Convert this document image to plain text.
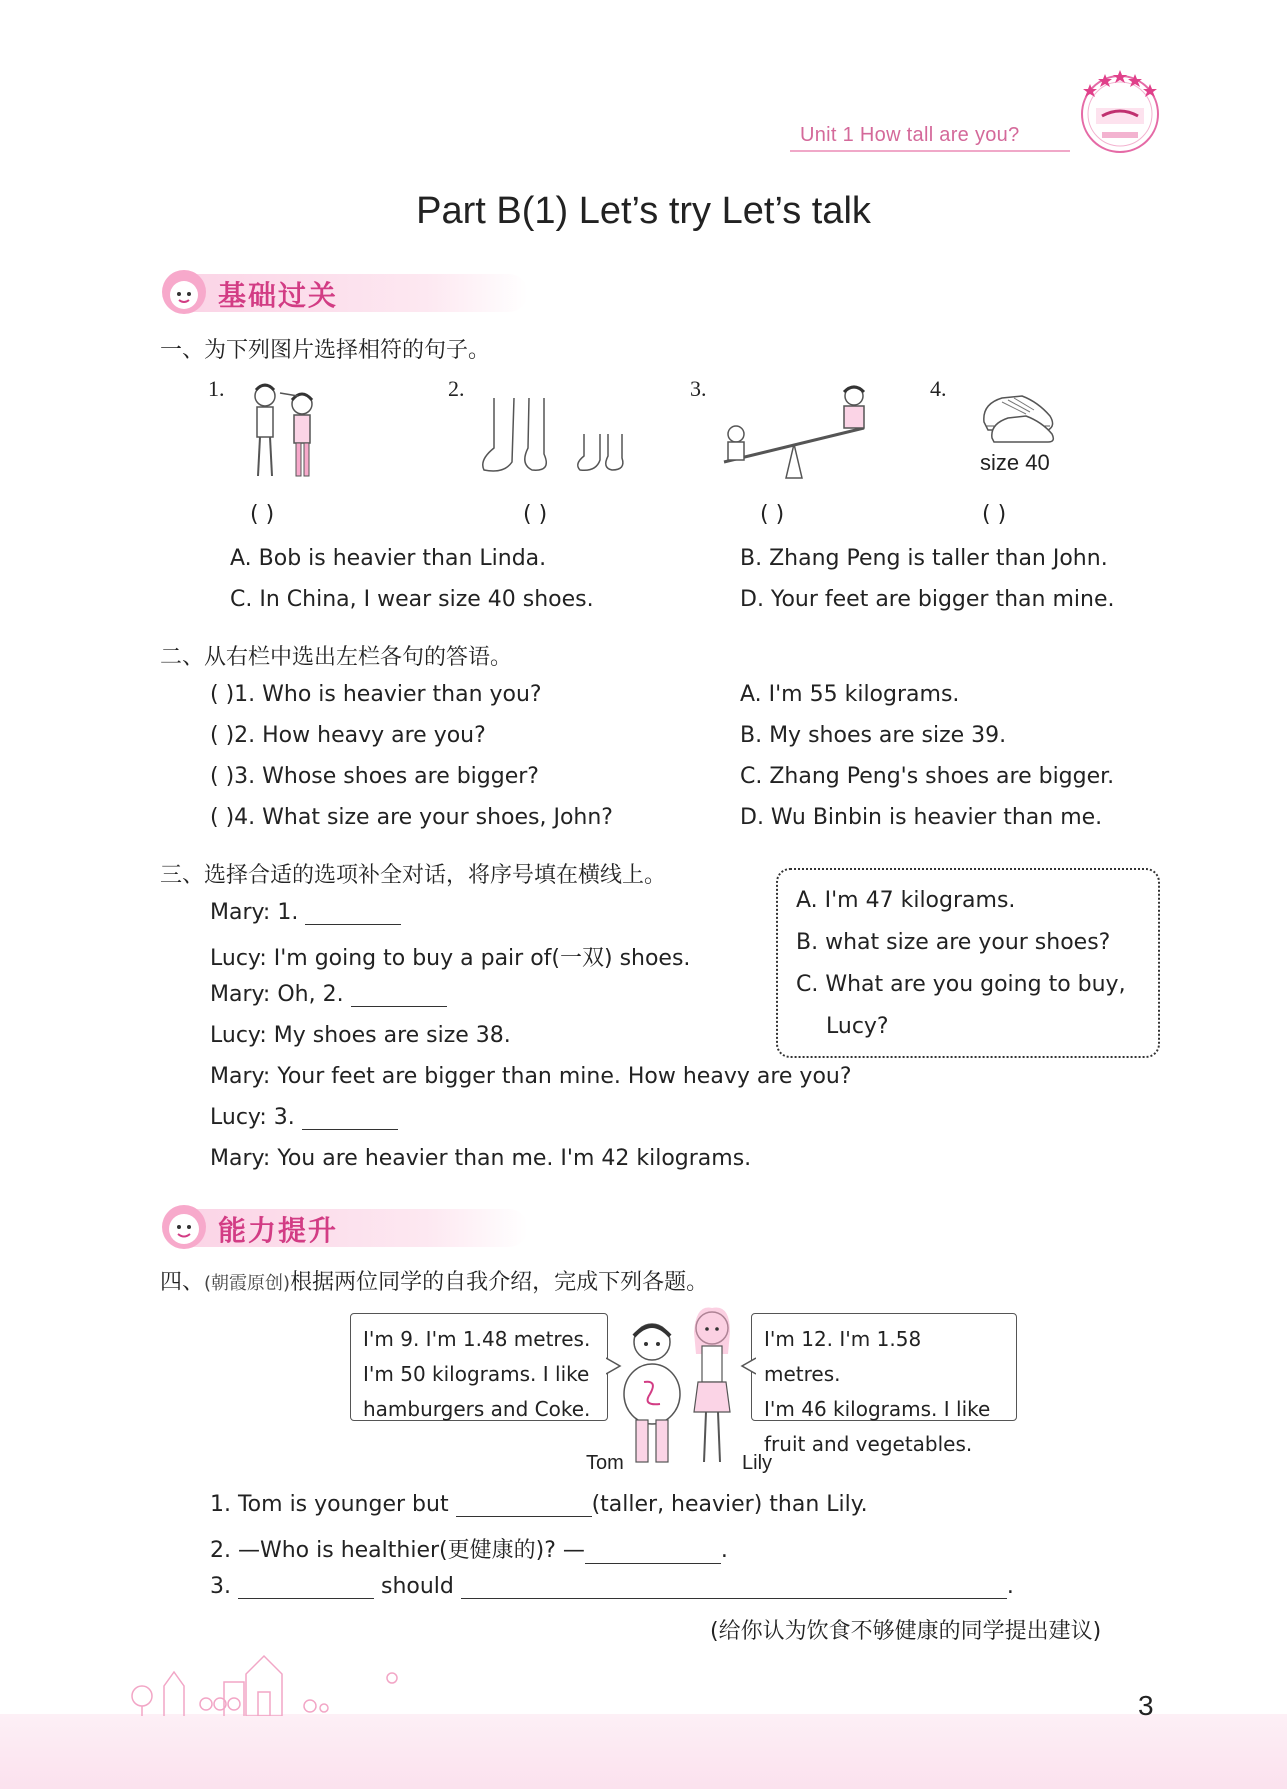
Unit 1 How tall are you?
Part B(1) Let’s try Let’s talk
基础过关
一、为下列图片选择相符的句子。
1.	2.	3.	4.
size 40
( )	( )	( )	( )
A. Bob is heavier than Linda.	B. Zhang Peng is taller than John.
C. In China, I wear size 40 shoes.	D. Your feet are bigger than mine.
二、从右栏中选出左栏各句的答语。
( )1. Who is heavier than you?
( )2. How heavy are you?
( )3. Whose shoes are bigger?
( )4. What size are your shoes, John?
A. I'm 55 kilograms.
B. My shoes are size 39.
C. Zhang Peng's shoes are bigger.
D. Wu Binbin is heavier than me.
三、选择合适的选项补全对话，将序号填在横线上。
Mary: 1.
Lucy: I'm going to buy a pair of(一双) shoes.
Mary: Oh, 2.
Lucy: My shoes are size 38.
Mary: Your feet are bigger than mine. How heavy are you?
Lucy: 3.
Mary: You are heavier than me. I'm 42 kilograms.
A. I'm 47 kilograms.
B. what size are your shoes?
C. What are you going to buy,
Lucy?
能力提升
四、(朝霞原创)根据两位同学的自我介绍，完成下列各题。
I'm 9. I'm 1.48 metres.
I'm 50 kilograms. I like
hamburgers and Coke.
I'm 12. I'm 1.58 metres.
I'm 46 kilograms. I like
fruit and vegetables.
Tom	Lily
1. Tom is younger but	(taller, heavier) than Lily.
2. —Who is healthier(更健康的)? —	.
3.	should	.
(给你认为饮食不够健康的同学提出建议)
3
